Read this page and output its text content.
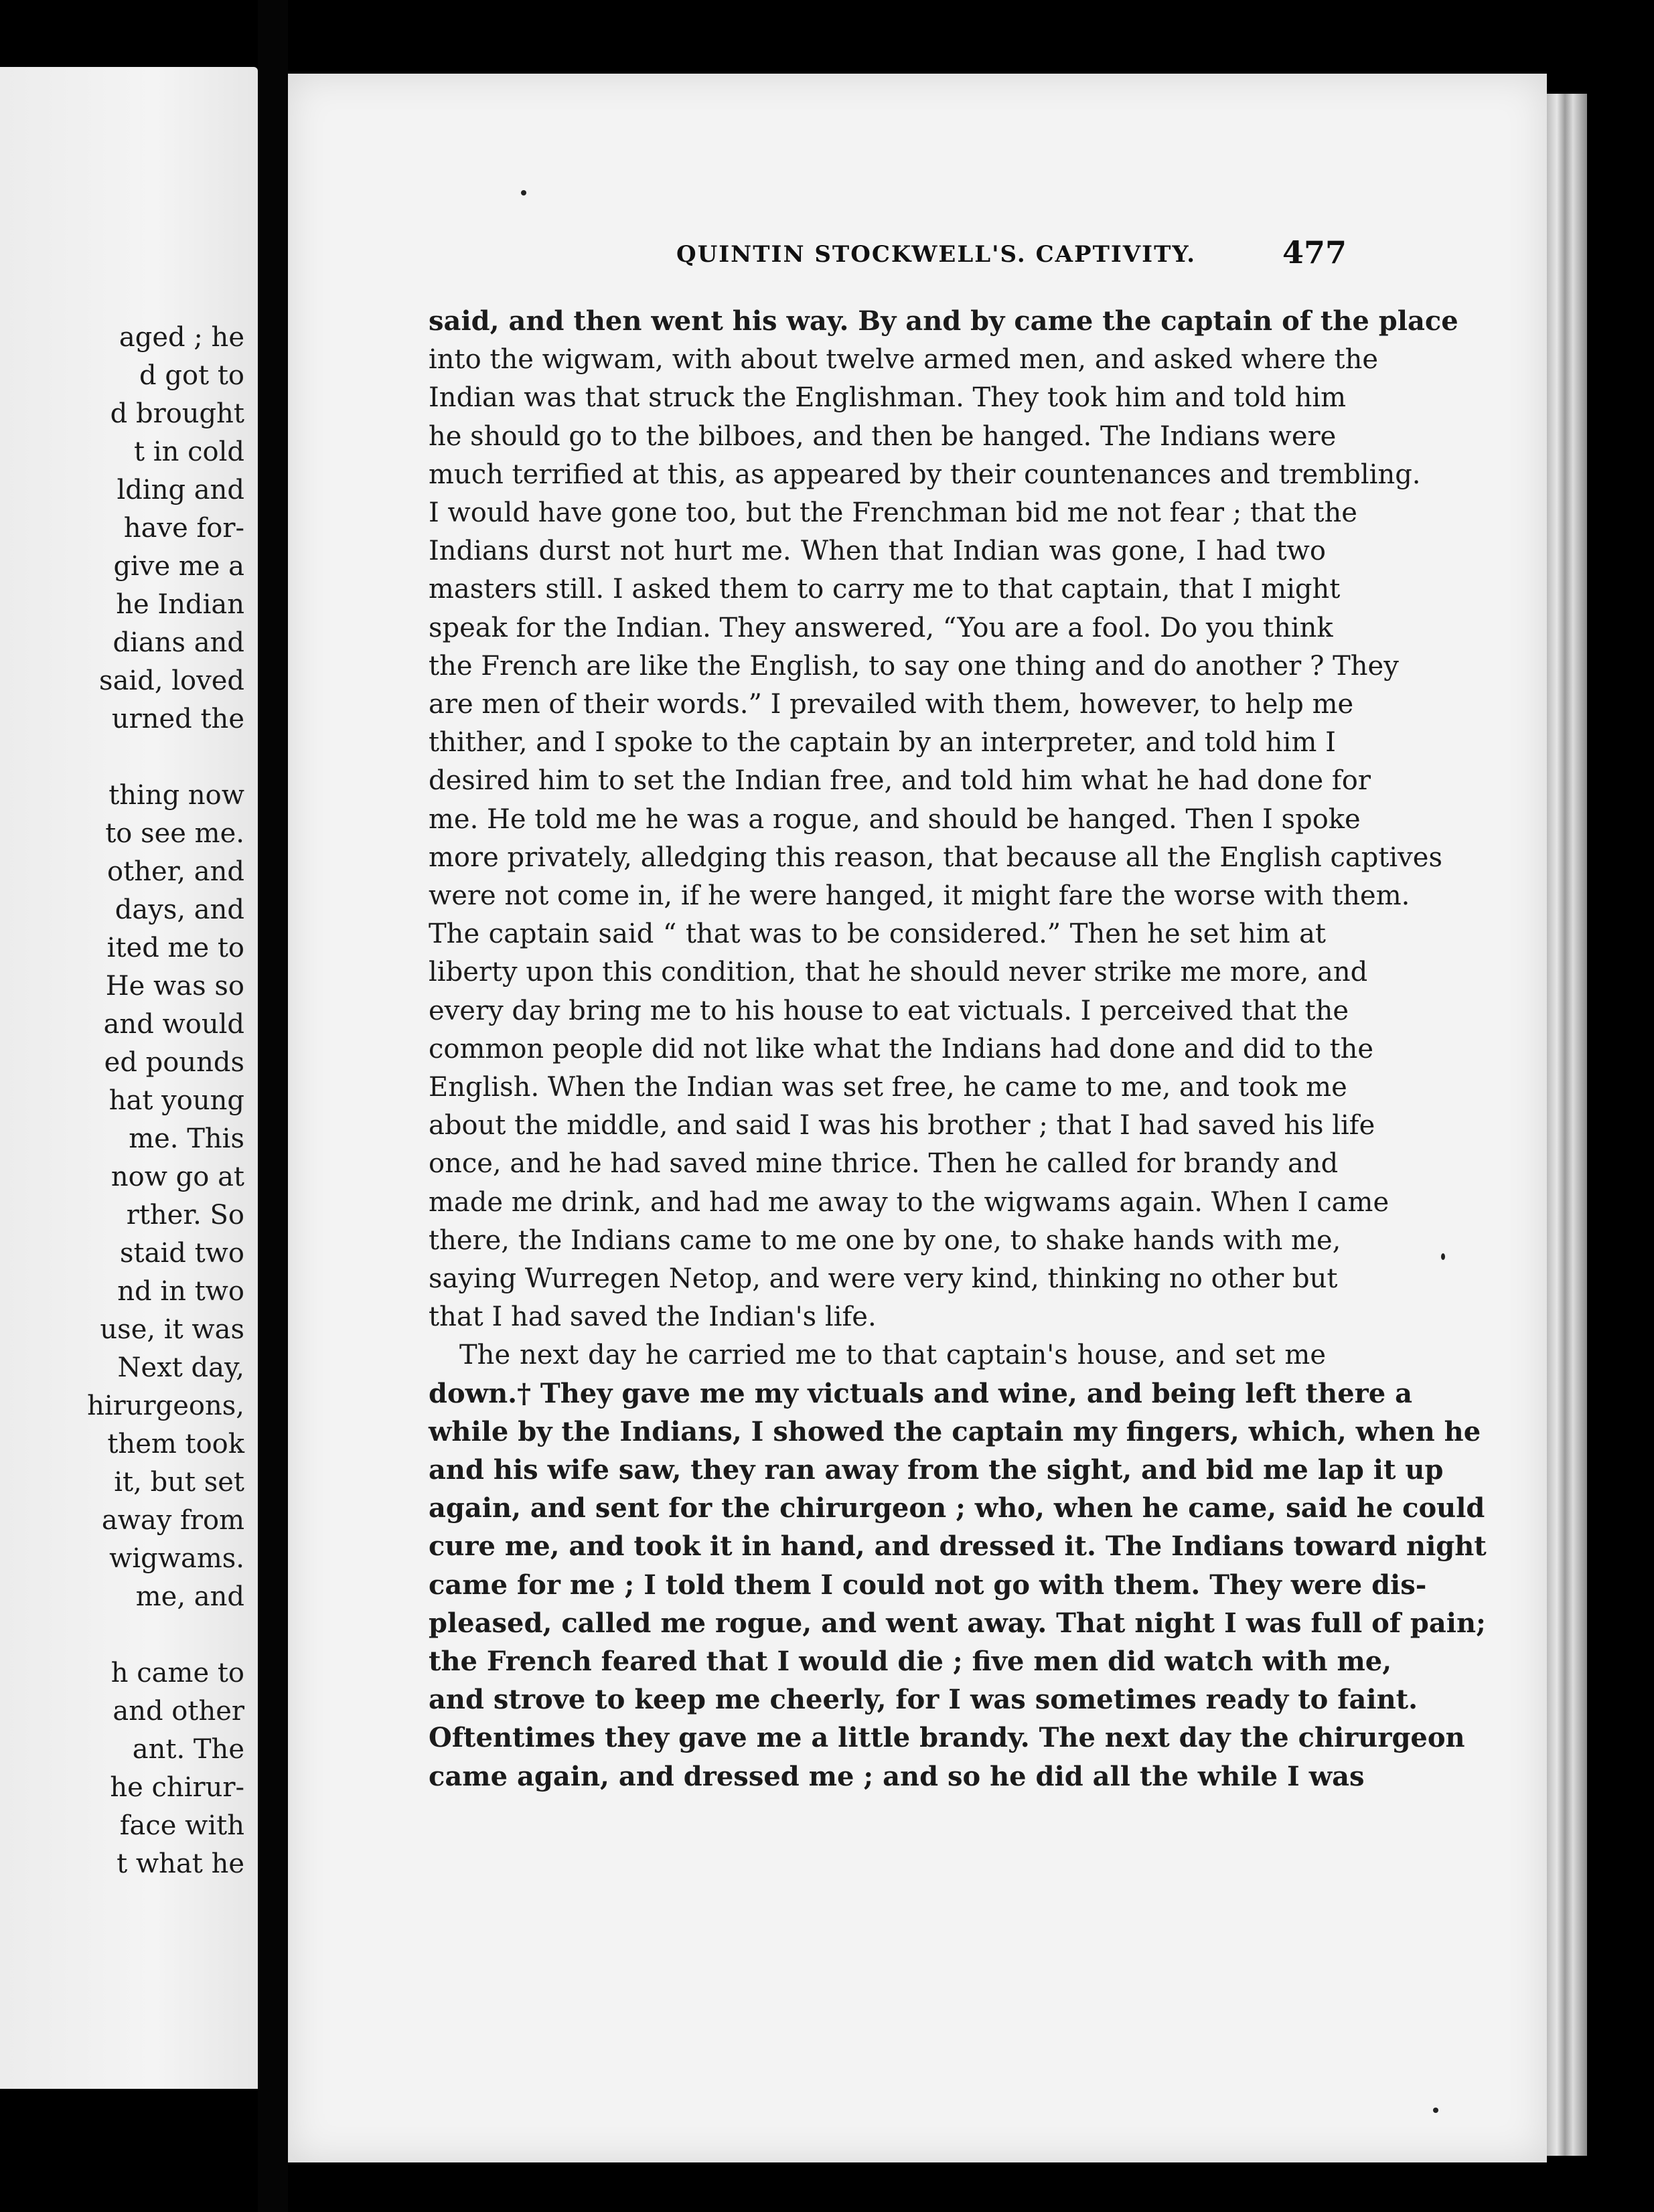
aged ; he

d got to

d brought

t in cold

lding and

have for-

give me a

he Indian

dians and

said, loved

urned the

thing now

to see me.

other, and

days, and

ited me to

He was so

and would

ed pounds

hat young

me. This

now go at

rther. So

staid two

nd in two

use, it was

Next day,

hirurgeons,

them took

it, but set

away from

wigwams.

me, and

h came to

and other

ant. The

he chirur-

face with

t what he

QUINTIN STOCKWELL'S. CAPTIVITY.	477

said, and then went his way. By and by came the captain of the place

into the wigwam, with about twelve armed men, and asked where the

Indian was that struck the Englishman. They took him and told him

he should go to the bilboes, and then be hanged. The Indians were

much terrified at this, as appeared by their countenances and trembling.

I would have gone too, but the Frenchman bid me not fear ; that the

Indians durst not hurt me. When that Indian was gone, I had two

masters still. I asked them to carry me to that captain, that I might

speak for the Indian. They answered, “You are a fool. Do you think

the French are like the English, to say one thing and do another ? They

are men of their words.” I prevailed with them, however, to help me

thither, and I spoke to the captain by an interpreter, and told him I

desired him to set the Indian free, and told him what he had done for

me. He told me he was a rogue, and should be hanged. Then I spoke

more privately, alledging this reason, that because all the English captives

were not come in, if he were hanged, it might fare the worse with them.

The captain said “ that was to be considered.” Then he set him at

liberty upon this condition, that he should never strike me more, and

every day bring me to his house to eat victuals. I perceived that the

common people did not like what the Indians had done and did to the

English. When the Indian was set free, he came to me, and took me

about the middle, and said I was his brother ; that I had saved his life

once, and he had saved mine thrice. Then he called for brandy and

made me drink, and had me away to the wigwams again. When I came

there, the Indians came to me one by one, to shake hands with me,

saying Wurregen Netop, and were very kind, thinking no other but

that I had saved the Indian's life.

The next day he carried me to that captain's house, and set me

down.† They gave me my victuals and wine, and being left there a

while by the Indians, I showed the captain my fingers, which, when he

and his wife saw, they ran away from the sight, and bid me lap it up

again, and sent for the chirurgeon ; who, when he came, said he could

cure me, and took it in hand, and dressed it. The Indians toward night

came for me ; I told them I could not go with them. They were dis-

pleased, called me rogue, and went away. That night I was full of pain;

the French feared that I would die ; five men did watch with me,

and strove to keep me cheerly, for I was sometimes ready to faint.

Oftentimes they gave me a little brandy. The next day the chirurgeon

came again, and dressed me ; and so he did all the while I was
